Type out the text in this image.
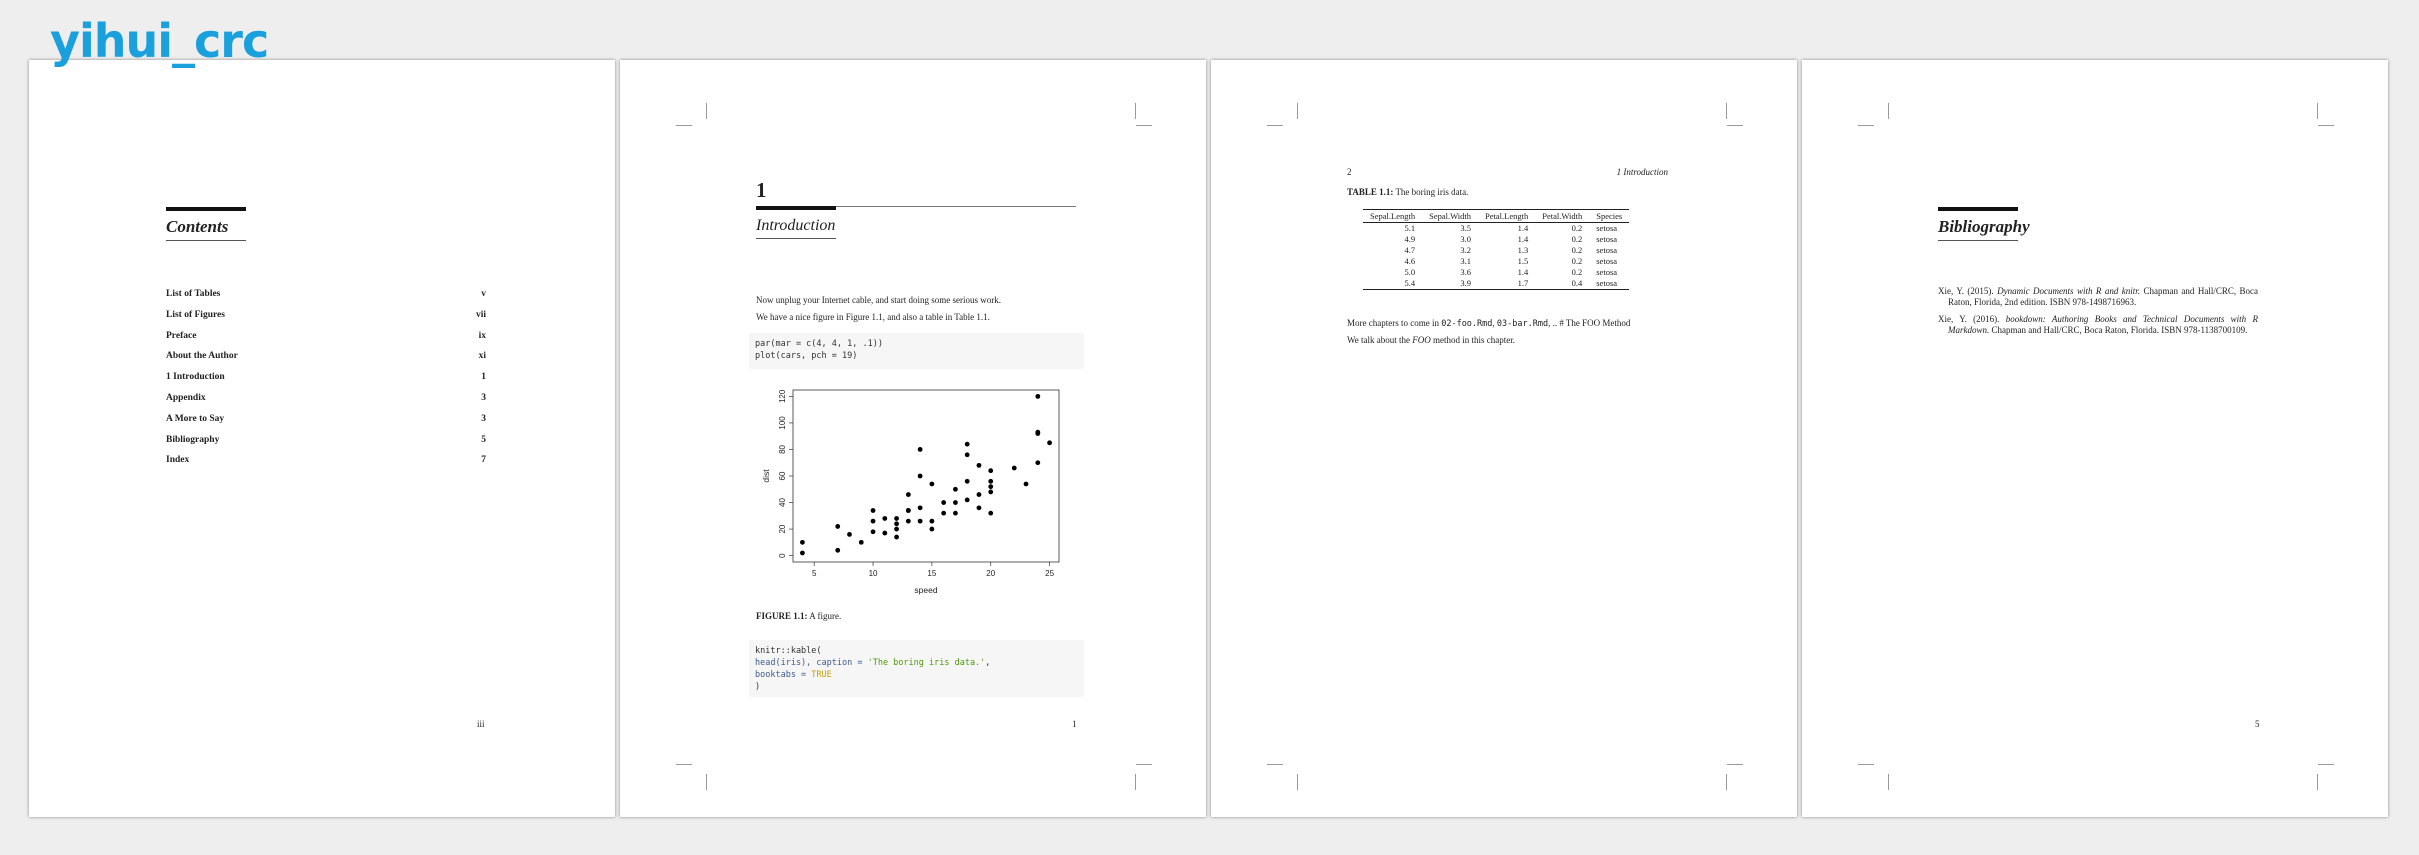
yihui_crc
Contents
List of Tables	v
List of Figures	vii
Preface	ix
About the Author	xi
1 Introduction	1
Appendix	3
A More to Say	3
Bibliography	5
Index	7
iii
1
Introduction
Now unplug your Internet cable, and start doing some serious work.
We have a nice figure in Figure 1.1, and also a table in Table 1.1.
par(mar = c(4, 4, 1, .1))
plot(cars, pch = 19)
5	10	15	20	25
0
20
40
60
80
100
120
speed
dist
FIGURE 1.1: A figure.
knitr::kable(
head(iris), caption = 'The boring iris data.',
booktabs = TRUE
)
1
2	1 Introduction
TABLE 1.1: The boring iris data.
Sepal.Length	Sepal.Width	Petal.Length	Petal.Width	Species
5.1	3.5	1.4	0.2	setosa
4.9	3.0	1.4	0.2	setosa
4.7	3.2	1.3	0.2	setosa
4.6	3.1	1.5	0.2	setosa
5.0	3.6	1.4	0.2	setosa
5.4	3.9	1.7	0.4	setosa
More chapters to come in 02-foo.Rmd, 03-bar.Rmd, .. # The FOO Method
We talk about the FOO method in this chapter.
Bibliography

Xie, Y. (2015). Dynamic Documents with R and knitr. Chapman and Hall/CRC, Boca Raton, Florida, 2nd edition. ISBN 978-1498716963.

Xie, Y. (2016). bookdown: Authoring Books and Technical Documents with R Markdown. Chapman and Hall/CRC, Boca Raton, Florida. ISBN 978-1138700109.

5
